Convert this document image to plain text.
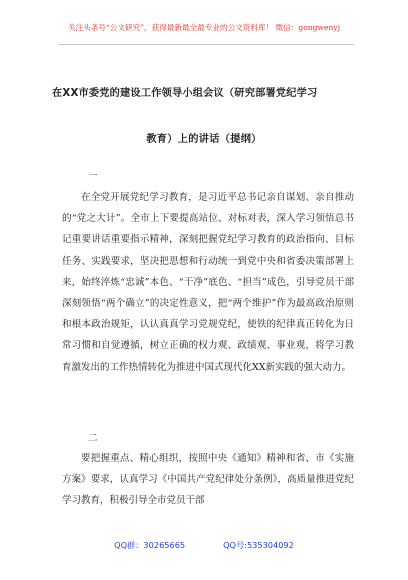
关注头条号“公文研究”，获得最新最全最专业的公文资料库！ 微信：gongwenyj
在XX市委党的建设工作领导小组会议（研究部署党纪学习
教育）上的讲话（提纲）
一
在全党开展党纪学习教育，是习近平总书记亲自谋划、亲自推动的“党之大计”。全市上下要提高站位、对标对表，深入学习领悟总书记重要讲话重要指示精神，深刻把握党纪学习教育的政治指向、目标任务、实践要求，坚决把思想和行动统一到党中央和省委决策部署上来，始终淬炼“忠诚”本色、“干净”底色、“担当”成色，引导党员干部深刻领悟“两个确立”的决定性意义，把“两个维护”作为最高政治原则和根本政治规矩，认认真真学习党规党纪，使铁的纪律真正转化为日常习惯和自觉遵循，树立正确的权力观、政绩观、事业观，将学习教育激发出的工作热情转化为推进中国式现代化XX新实践的强大动力。
二
要把握重点、精心组织，按照中央《通知》精神和省、市《实施方案》要求，认真学习《中国共产党纪律处分条例》，高质量推进党纪学习教育，积极引导全市党员干部
QQ群：30265665	QQ号:535304092
